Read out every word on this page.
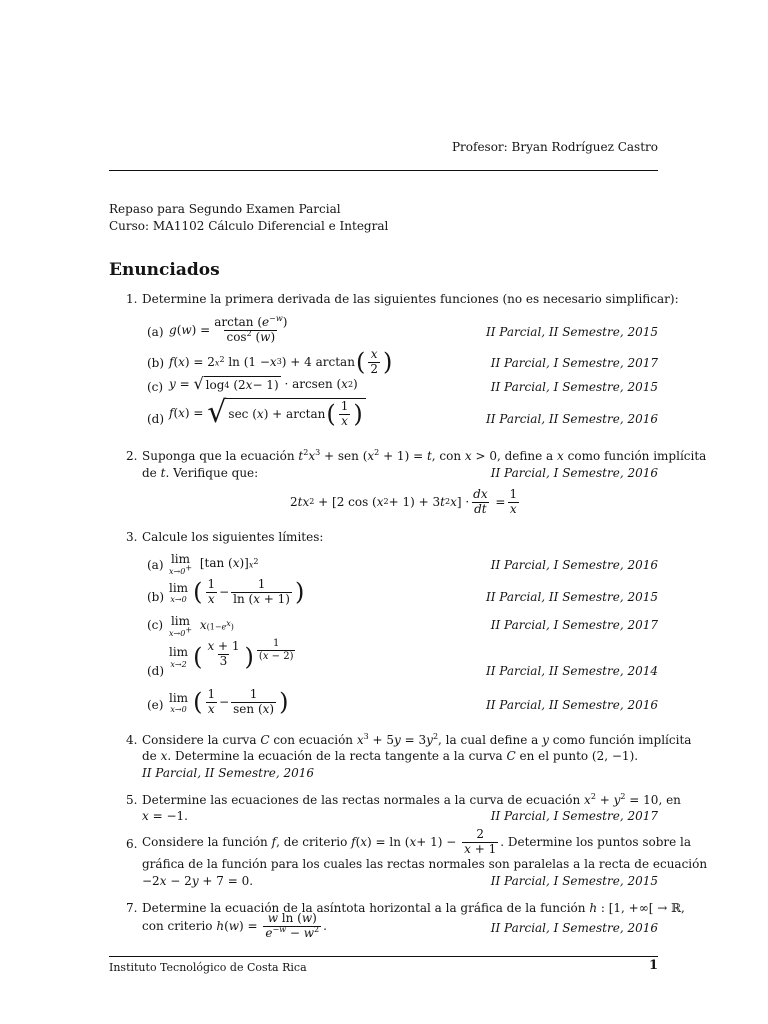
Profesor: Bryan Rodríguez Castro
Repaso para Segundo Examen Parcial
Curso: MA1102 Cálculo Diferencial e Integral
Enunciados
1. Determine la primera derivada de las siguientes funciones (no es necesario simplificar):
(a) g ( w ) = $\frac{\arctan (e^{-w})}{\cos^2 (w)}$	II Parcial, II Semestre, 2015
(b) f ( x ) = 2 $x^2$ ln (1 − x 3 ) + 4 arctan ( $\frac{x}{2}$ )	II Parcial, I Semestre, 2017
(c) y = √ log 4 (2 x − 1) · arcsen ( x 2 )	II Parcial, I Semestre, 2015
(d) f ( x ) = √ sec ( x ) + arctan ( $\frac{1}{x}$ )	II Parcial, II Semestre, 2016
2. Suponga que la ecuación $t^2x^3$ + sen $(x^2 + 1) = t$, con x > 0, define a x como función implícita
de t. Verifique que:	II Parcial, I Semestre, 2016
2 tx 2 + [2 cos ( x 2 + 1) + 3 t 2 x ] · $\frac{dx}{dt} = \frac{1}{x}$
3. Calcule los siguientes límites:
(a) lim
x→0+ [tan ( x )] $x^2$	II Parcial, I Semestre, 2016
(b)
lim
x→0 ( $\frac{1}{x} - \frac{1}{\ln (x + 1)}$ )	II Parcial, II Semestre, 2015
(c) lim
x→0+
x $(1-e^x)$	II Parcial, I Semestre, 2017
(d)
lim
x→2 ( $\frac{x + 1}{3}$ ) $\frac{1}{(x - 2)}$
II Parcial, II Semestre, 2014
(e)
lim
x→0 ( $\frac{1}{x} - \frac{1}{\text{sen (x)}}$ )	II Parcial, II Semestre, 2016
4. Considere la curva C con ecuación $x^3 + 5y = 3y^2$, la cual define a y como función implícita
de x. Determine la ecuación de la recta tangente a la curva C en el punto (2, −1).
II Parcial, II Semestre, 2016
5. Determine las ecuaciones de las rectas normales a la curva de ecuación $x^2 + y^2 = 10$, en
x = −1.	II Parcial, I Semestre, 2017
6. Considere la función f , de criterio f ( x ) = ln ( $x + 1) - \frac{2}{x + 1}$ . Determine los puntos sobre la
gráfica de la función para los cuales las rectas normales son paralelas a la recta de ecuación
−2x − 2y + 7 = 0.	II Parcial, I Semestre, 2015
7. Determine la ecuación de la asíntota horizontal a la gráfica de la función h : [1, +∞[ → ℝ,
con criterio h ( w ) = $\frac{\text{w ln (w)}}{e^{-w} - w^2}$ .	II Parcial, I Semestre, 2016
Instituto Tecnológico de Costa Rica	1
